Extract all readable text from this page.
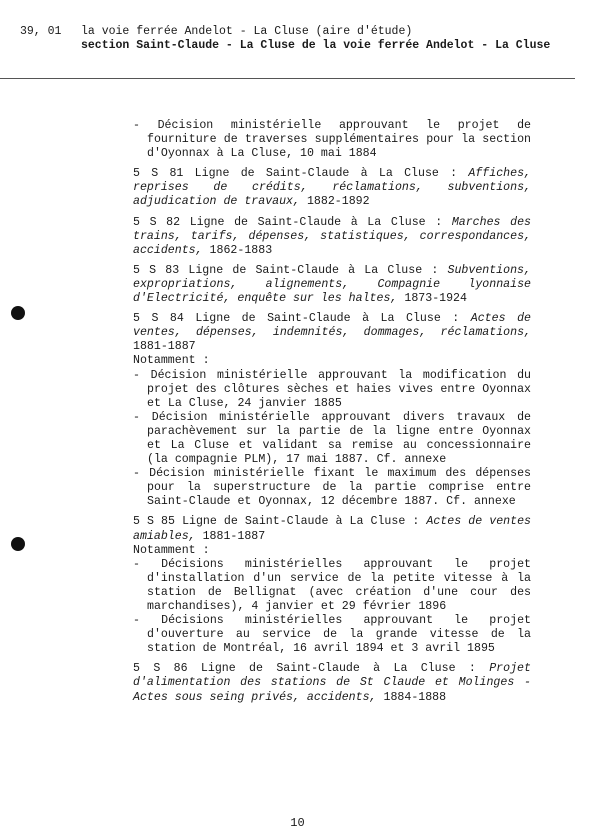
39, 01 la voie ferrée Andelot - La Cluse (aire d'étude)
section Saint-Claude - La Cluse de la voie ferrée Andelot - La Cluse

- Décision ministérielle approuvant le projet de fourniture de traverses supplémentaires pour la section d'Oyonnax à La Cluse, 10 mai 1884

5 S 81 Ligne de Saint-Claude à La Cluse : Affiches, reprises de crédits, réclamations, subventions, adjudication de travaux, 1882-1892

5 S 82 Ligne de Saint-Claude à La Cluse : Marches des trains, tarifs, dépenses, statistiques, correspondances, accidents, 1862-1883

5 S 83 Ligne de Saint-Claude à La Cluse : Subventions, expropriations, alignements, Compagnie lyonnaise d'Electricité, enquête sur les haltes, 1873-1924

5 S 84 Ligne de Saint-Claude à La Cluse : Actes de ventes, dépenses, indemnités, dommages, réclamations, 1881-1887

Notamment :

- Décision ministérielle approuvant la modification du projet des clôtures sèches et haies vives entre Oyonnax et La Cluse, 24 janvier 1885

- Décision ministérielle approuvant divers travaux de parachèvement sur la partie de la ligne entre Oyonnax et La Cluse et validant sa remise au concessionnaire (la compagnie PLM), 17 mai 1887. Cf. annexe

- Décision ministérielle fixant le maximum des dépenses pour la superstructure de la partie comprise entre Saint-Claude et Oyonnax, 12 décembre 1887. Cf. annexe

5 S 85 Ligne de Saint-Claude à La Cluse : Actes de ventes amiables, 1881-1887

Notamment :

- Décisions ministérielles approuvant le projet d'installation d'un service de la petite vitesse à la station de Bellignat (avec création d'une cour des marchandises), 4 janvier et 29 février 1896

- Décisions ministérielles approuvant le projet d'ouverture au service de la grande vitesse de la station de Montréal, 16 avril 1894 et 3 avril 1895

5 S 86 Ligne de Saint-Claude à La Cluse : Projet d'alimentation des stations de St Claude et Molinges - Actes sous seing privés, accidents, 1884-1888

10
